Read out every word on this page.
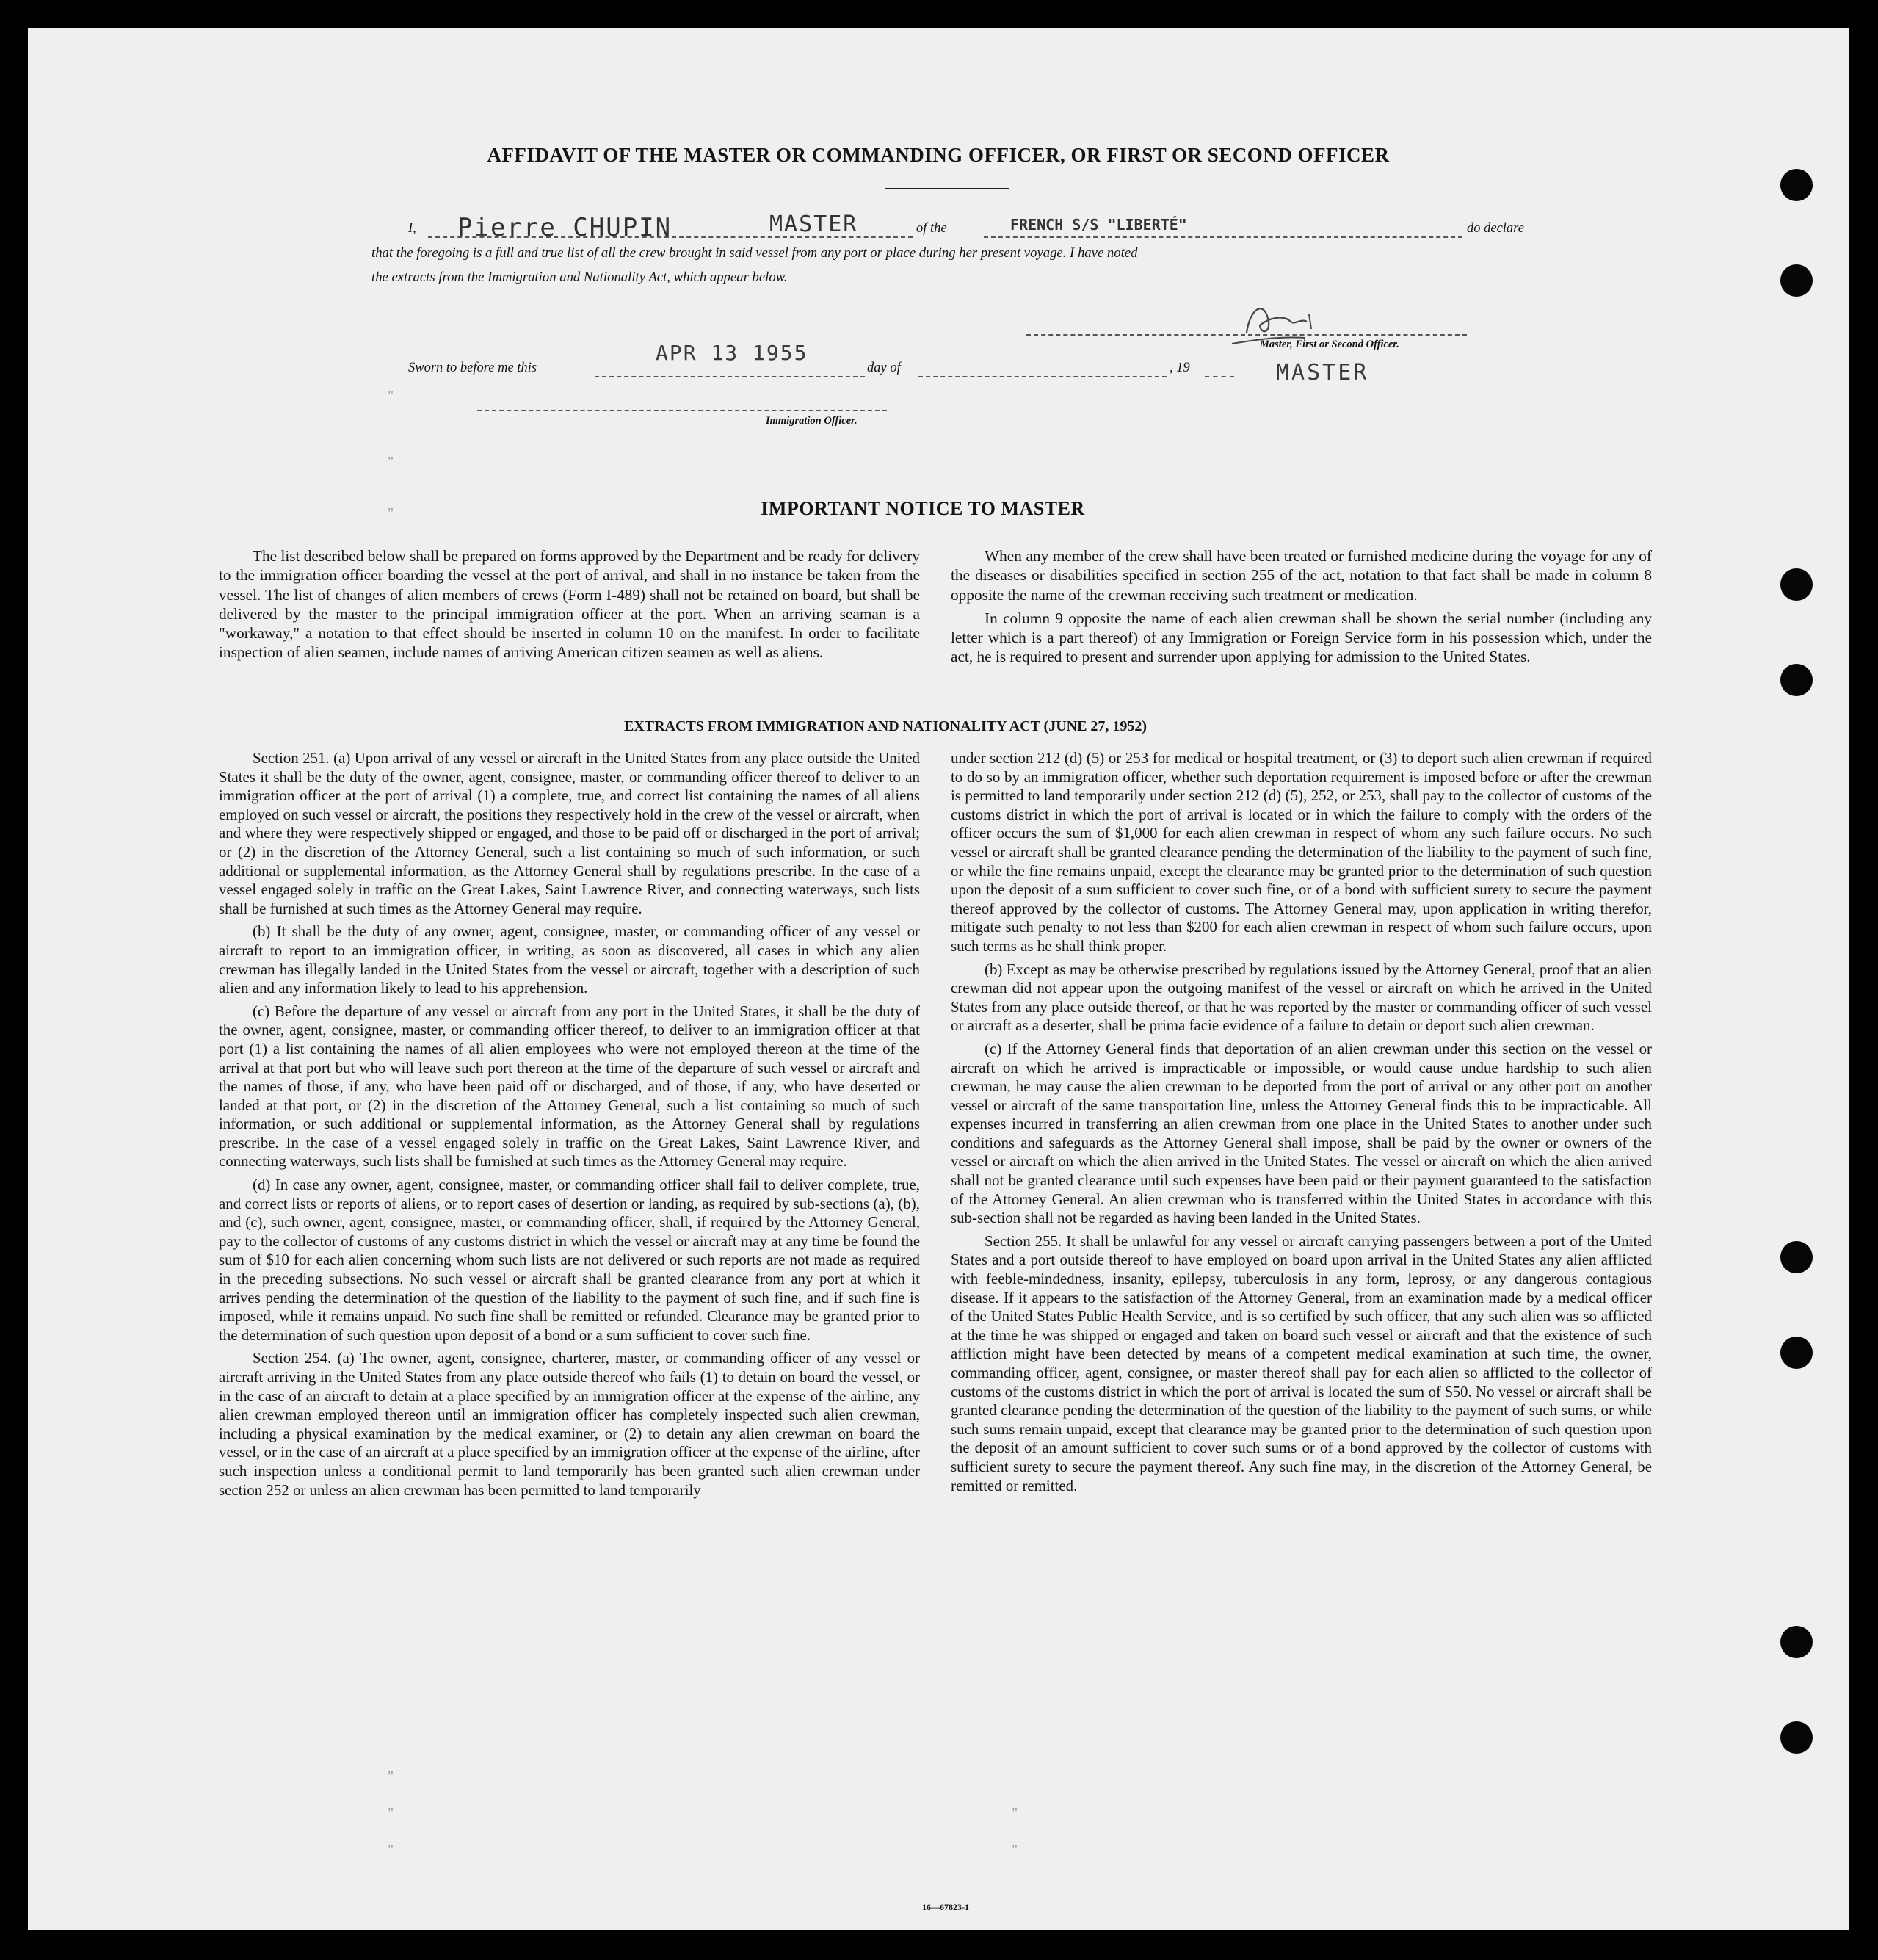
"
"
"
"
"
"
"
"
AFFIDAVIT OF THE MASTER OR COMMANDING OFFICER, OR FIRST OR SECOND OFFICER
I, Pierre CHUPIN	MASTER	of the	FRENCH S/S "LIBERTÉ"	do declare
that the foregoing is a full and true list of all the crew brought in said vessel from any port or place during her present voyage. I have noted
the extracts from the Immigration and Nationality Act, which appear below.
Master, First or Second Officer.
MASTER
Sworn to before me this
APR 13 1955
day of	, 19
Immigration Officer.
IMPORTANT NOTICE TO MASTER

The list described below shall be prepared on forms approved by the Department and be ready for delivery to the immigration officer boarding the vessel at the port of arrival, and shall in no instance be taken from the vessel. The list of changes of alien members of crews (Form I-489) shall not be retained on board, but shall be delivered by the master to the principal immigration officer at the port. When an arriving seaman is a "workaway," a notation to that effect should be inserted in column 10 on the manifest. In order to facilitate inspection of alien seamen, include names of arriving American citizen seamen as well as aliens.

When any member of the crew shall have been treated or furnished medicine during the voyage for any of the diseases or disabilities specified in section 255 of the act, notation to that fact shall be made in column 8 opposite the name of the crewman receiving such treatment or medication.

In column 9 opposite the name of each alien crewman shall be shown the serial number (including any letter which is a part thereof) of any Immigration or Foreign Service form in his possession which, under the act, he is required to present and surrender upon applying for admission to the United States.

EXTRACTS FROM IMMIGRATION AND NATIONALITY ACT (JUNE 27, 1952)

Section 251. (a) Upon arrival of any vessel or aircraft in the United States from any place outside the United States it shall be the duty of the owner, agent, consignee, master, or commanding officer thereof to deliver to an immigration officer at the port of arrival (1) a complete, true, and correct list containing the names of all aliens employed on such vessel or aircraft, the positions they respectively hold in the crew of the vessel or aircraft, when and where they were respectively shipped or engaged, and those to be paid off or discharged in the port of arrival; or (2) in the discretion of the Attorney General, such a list containing so much of such information, or such additional or supplemental information, as the Attorney General shall by regulations prescribe. In the case of a vessel engaged solely in traffic on the Great Lakes, Saint Lawrence River, and connecting waterways, such lists shall be furnished at such times as the Attorney General may require.

(b) It shall be the duty of any owner, agent, consignee, master, or commanding officer of any vessel or aircraft to report to an immigration officer, in writing, as soon as discovered, all cases in which any alien crewman has illegally landed in the United States from the vessel or aircraft, together with a description of such alien and any information likely to lead to his apprehension.

(c) Before the departure of any vessel or aircraft from any port in the United States, it shall be the duty of the owner, agent, consignee, master, or commanding officer thereof, to deliver to an immigration officer at that port (1) a list containing the names of all alien employees who were not employed thereon at the time of the arrival at that port but who will leave such port thereon at the time of the departure of such vessel or aircraft and the names of those, if any, who have been paid off or discharged, and of those, if any, who have deserted or landed at that port, or (2) in the discretion of the Attorney General, such a list containing so much of such information, or such additional or supplemental information, as the Attorney General shall by regulations prescribe. In the case of a vessel engaged solely in traffic on the Great Lakes, Saint Lawrence River, and connecting waterways, such lists shall be furnished at such times as the Attorney General may require.

(d) In case any owner, agent, consignee, master, or commanding officer shall fail to deliver complete, true, and correct lists or reports of aliens, or to report cases of desertion or landing, as required by sub-sections (a), (b), and (c), such owner, agent, consignee, master, or commanding officer, shall, if required by the Attorney General, pay to the collector of customs of any customs district in which the vessel or aircraft may at any time be found the sum of $10 for each alien concerning whom such lists are not delivered or such reports are not made as required in the preceding subsections. No such vessel or aircraft shall be granted clearance from any port at which it arrives pending the determination of the question of the liability to the payment of such fine, and if such fine is imposed, while it remains unpaid. No such fine shall be remitted or refunded. Clearance may be granted prior to the determination of such question upon deposit of a bond or a sum sufficient to cover such fine.

Section 254. (a) The owner, agent, consignee, charterer, master, or commanding officer of any vessel or aircraft arriving in the United States from any place outside thereof who fails (1) to detain on board the vessel, or in the case of an aircraft to detain at a place specified by an immigration officer at the expense of the airline, any alien crewman employed thereon until an immigration officer has completely inspected such alien crewman, including a physical examination by the medical examiner, or (2) to detain any alien crewman on board the vessel, or in the case of an aircraft at a place specified by an immigration officer at the expense of the airline, after such inspection unless a conditional permit to land temporarily has been granted such alien crewman under section 252 or unless an alien crewman has been permitted to land temporarily

under section 212 (d) (5) or 253 for medical or hospital treatment, or (3) to deport such alien crewman if required to do so by an immigration officer, whether such deportation requirement is imposed before or after the crewman is permitted to land temporarily under section 212 (d) (5), 252, or 253, shall pay to the collector of customs of the customs district in which the port of arrival is located or in which the failure to comply with the orders of the officer occurs the sum of $1,000 for each alien crewman in respect of whom any such failure occurs. No such vessel or aircraft shall be granted clearance pending the determination of the liability to the payment of such fine, or while the fine remains unpaid, except the clearance may be granted prior to the determination of such question upon the deposit of a sum sufficient to cover such fine, or of a bond with sufficient surety to secure the payment thereof approved by the collector of customs. The Attorney General may, upon application in writing therefor, mitigate such penalty to not less than $200 for each alien crewman in respect of whom such failure occurs, upon such terms as he shall think proper.

(b) Except as may be otherwise prescribed by regulations issued by the Attorney General, proof that an alien crewman did not appear upon the outgoing manifest of the vessel or aircraft on which he arrived in the United States from any place outside thereof, or that he was reported by the master or commanding officer of such vessel or aircraft as a deserter, shall be prima facie evidence of a failure to detain or deport such alien crewman.

(c) If the Attorney General finds that deportation of an alien crewman under this section on the vessel or aircraft on which he arrived is impracticable or impossible, or would cause undue hardship to such alien crewman, he may cause the alien crewman to be deported from the port of arrival or any other port on another vessel or aircraft of the same transportation line, unless the Attorney General finds this to be impracticable. All expenses incurred in transferring an alien crewman from one place in the United States to another under such conditions and safeguards as the Attorney General shall impose, shall be paid by the owner or owners of the vessel or aircraft on which the alien arrived in the United States. The vessel or aircraft on which the alien arrived shall not be granted clearance until such expenses have been paid or their payment guaranteed to the satisfaction of the Attorney General. An alien crewman who is transferred within the United States in accordance with this sub-section shall not be regarded as having been landed in the United States.

Section 255. It shall be unlawful for any vessel or aircraft carrying passengers between a port of the United States and a port outside thereof to have employed on board upon arrival in the United States any alien afflicted with feeble-mindedness, insanity, epilepsy, tuberculosis in any form, leprosy, or any dangerous contagious disease. If it appears to the satisfaction of the Attorney General, from an examination made by a medical officer of the United States Public Health Service, and is so certified by such officer, that any such alien was so afflicted at the time he was shipped or engaged and taken on board such vessel or aircraft and that the existence of such affliction might have been detected by means of a competent medical examination at such time, the owner, commanding officer, agent, consignee, or master thereof shall pay for each alien so afflicted to the collector of customs of the customs district in which the port of arrival is located the sum of $50. No vessel or aircraft shall be granted clearance pending the determination of the question of the liability to the payment of such sums, or while such sums remain unpaid, except that clearance may be granted prior to the determination of such question upon the deposit of an amount sufficient to cover such sums or of a bond approved by the collector of customs with sufficient surety to secure the payment thereof. Any such fine may, in the discretion of the Attorney General, be remitted or remitted.

16—67823-1
